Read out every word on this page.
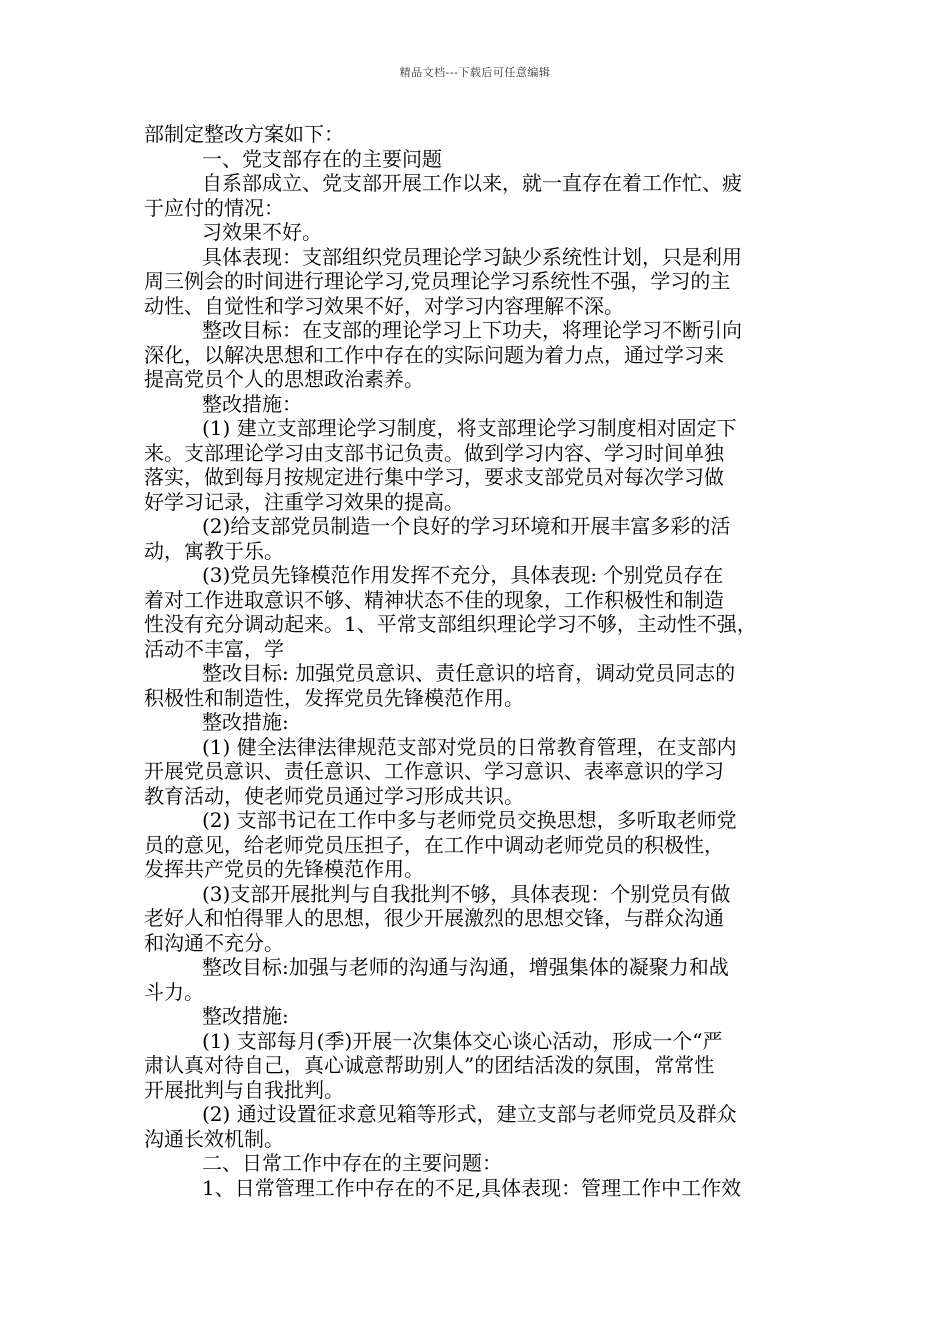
精品文档---下载后可任意编辑
部制定整改方案如下：
一、党支部存在的主要问题
自系部成立、党支部开展工作以来，就一直存在着工作忙、疲
于应付的情况：
习效果不好。
具体表现：支部组织党员理论学习缺少系统性计划，只是利用
周三例会的时间进行理论学习,党员理论学习系统性不强，学习的主
动性、自觉性和学习效果不好，对学习内容理解不深。
整改目标：在支部的理论学习上下功夫，将理论学习不断引向
深化，以解决思想和工作中存在的实际问题为着力点，通过学习来
提高党员个人的思想政治素养。
整改措施：
(1) 建立支部理论学习制度，将支部理论学习制度相对固定下
来。支部理论学习由支部书记负责。做到学习内容、学习时间单独
落实，做到每月按规定进行集中学习，要求支部党员对每次学习做
好学习记录，注重学习效果的提高。
(2)给支部党员制造一个良好的学习环境和开展丰富多彩的活
动，寓教于乐。
(3)党员先锋模范作用发挥不充分，具体表现: 个别党员存在
着对工作进取意识不够、精神状态不佳的现象，工作积极性和制造
性没有充分调动起来。1、平常支部组织理论学习不够，主动性不强，
活动不丰富，学
整改目标: 加强党员意识、责任意识的培育，调动党员同志的
积极性和制造性，发挥党员先锋模范作用。
整改措施:
(1) 健全法律法律规范支部对党员的日常教育管理，在支部内
开展党员意识、责任意识、工作意识、学习意识、表率意识的学习
教育活动，使老师党员通过学习形成共识。
(2) 支部书记在工作中多与老师党员交换思想，多听取老师党
员的意见，给老师党员压担子，在工作中调动老师党员的积极性，
发挥共产党员的先锋模范作用。
(3)支部开展批判与自我批判不够，具体表现：个别党员有做
老好人和怕得罪人的思想，很少开展激烈的思想交锋，与群众沟通
和沟通不充分。
整改目标:加强与老师的沟通与沟通，增强集体的凝聚力和战
斗力。
整改措施:
(1) 支部每月(季)开展一次集体交心谈心活动，形成一个“严
肃认真对待自己，真心诚意帮助别人”的团结活泼的氛围，常常性
开展批判与自我批判。
(2) 通过设置征求意见箱等形式，建立支部与老师党员及群众
沟通长效机制。
二、日常工作中存在的主要问题：
1、日常管理工作中存在的不足,具体表现：管理工作中工作效
